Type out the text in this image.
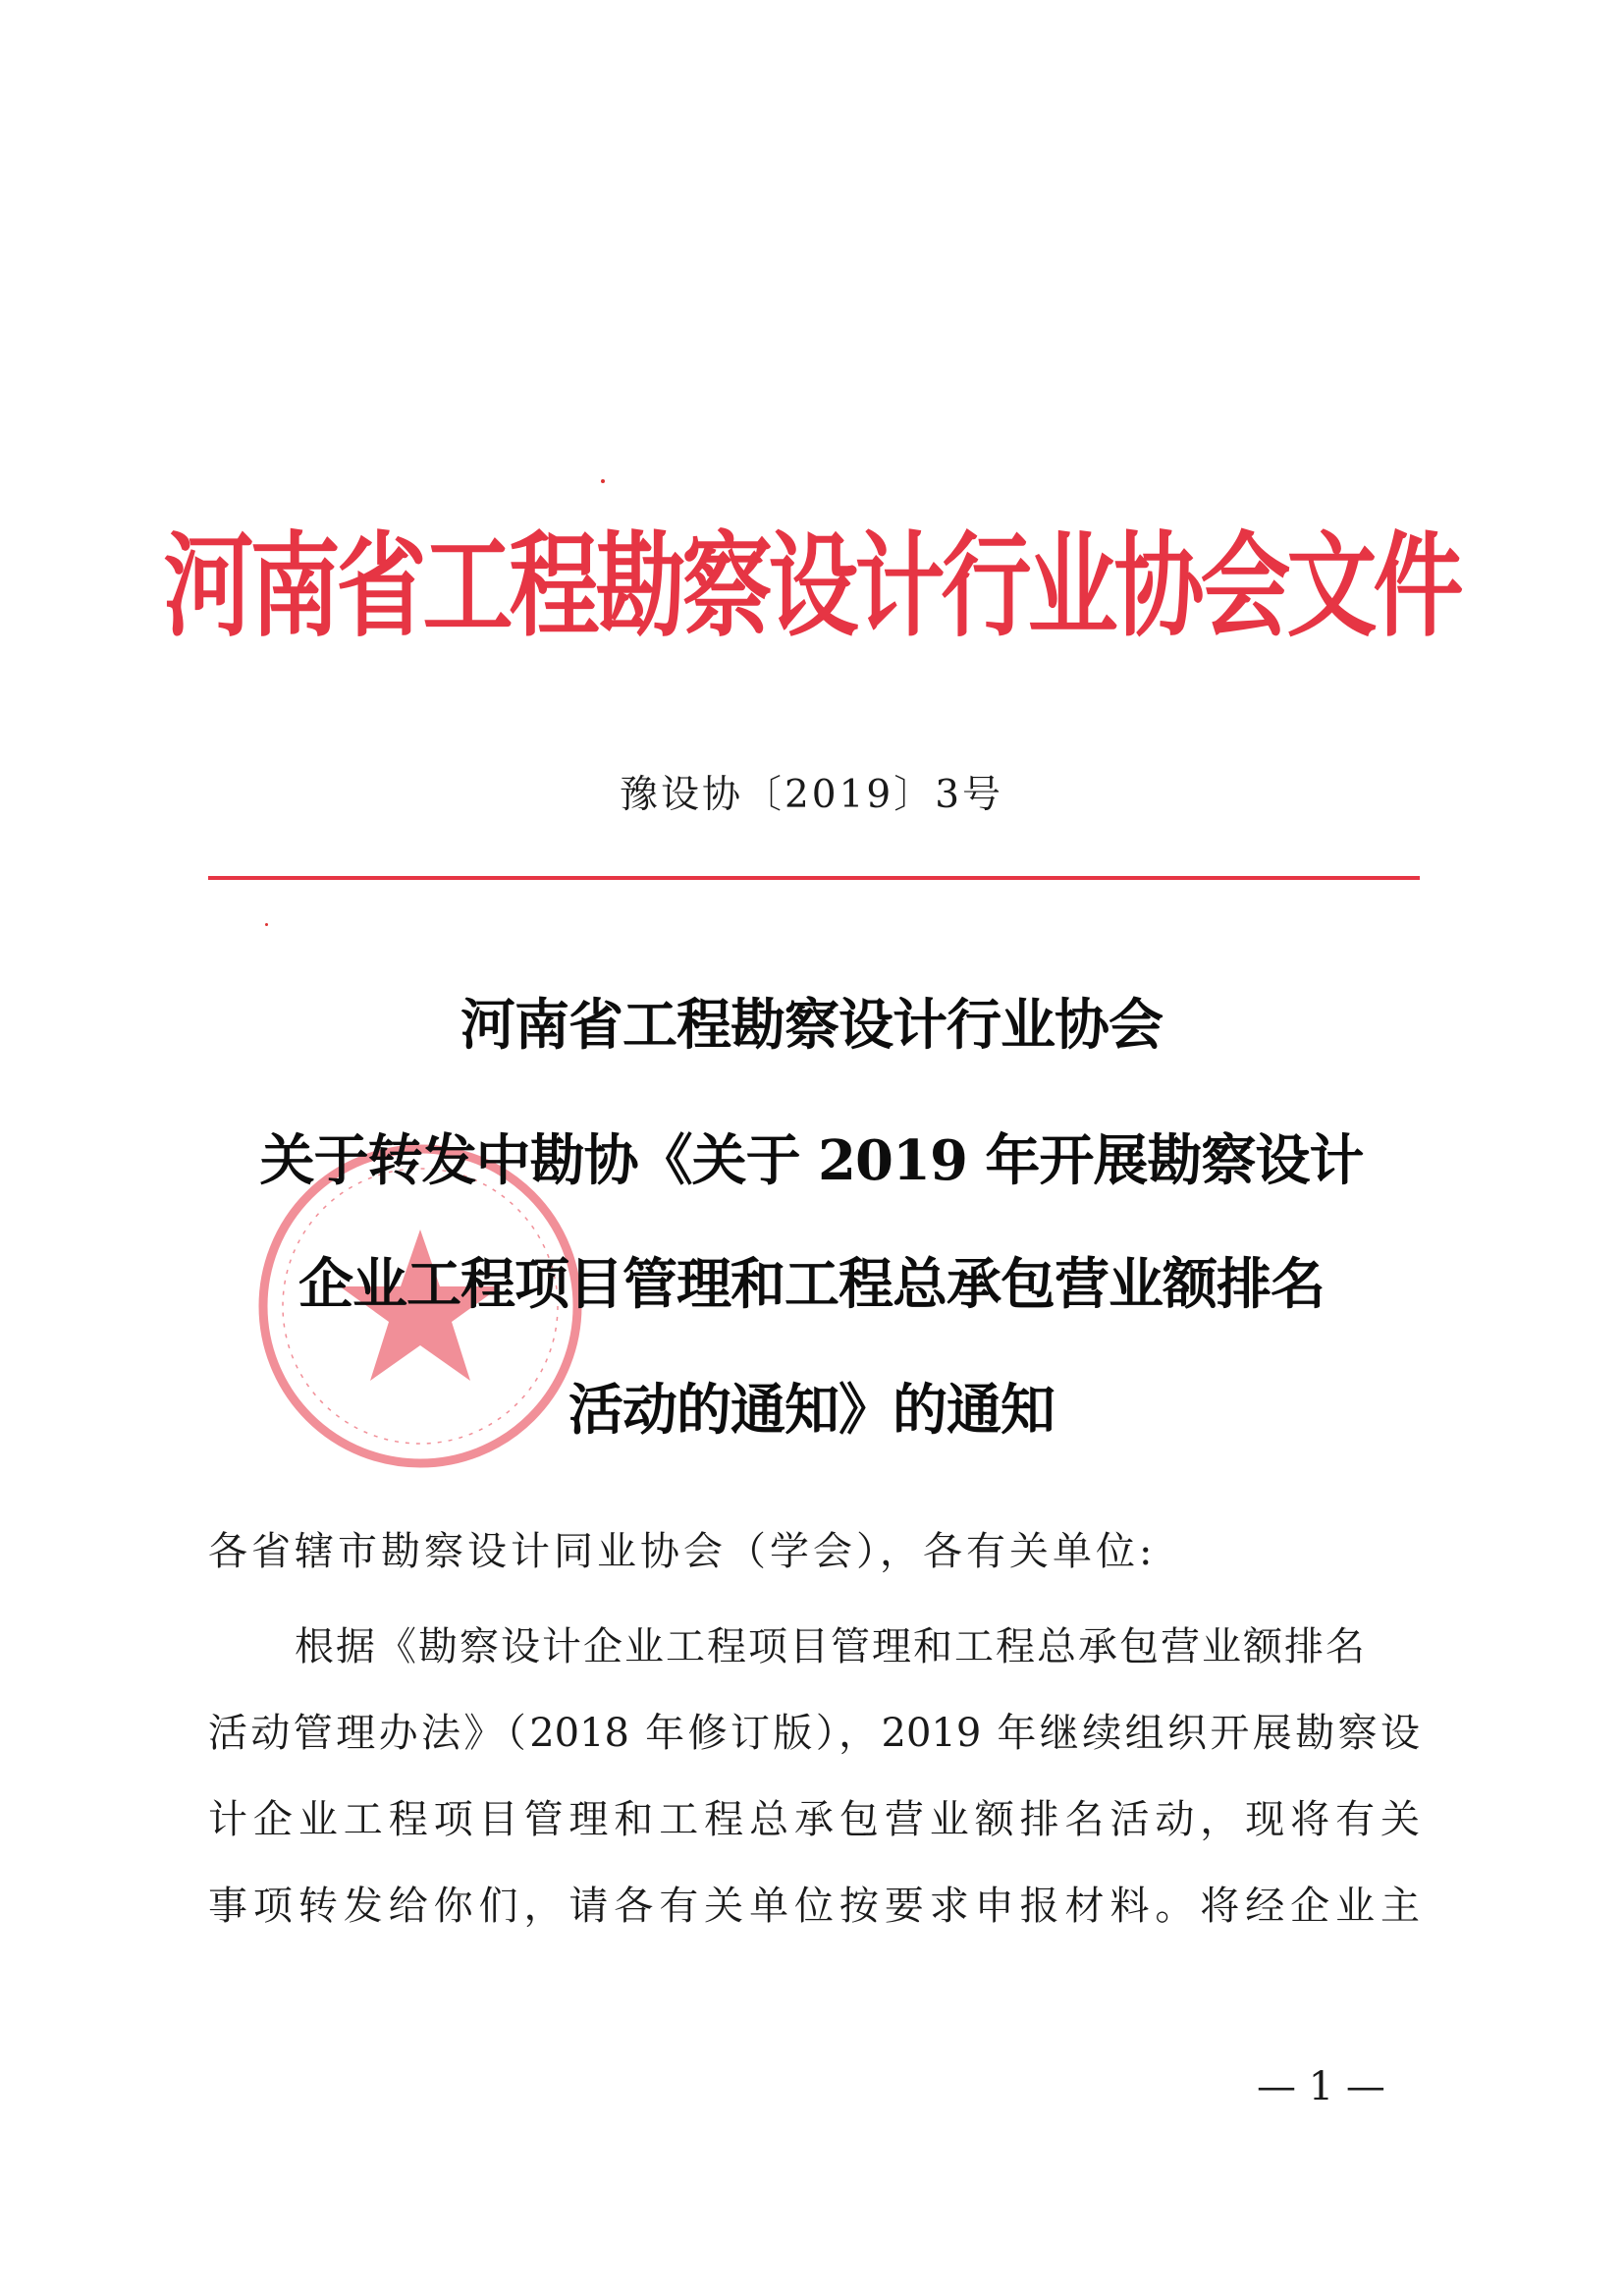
河南省工程勘察设计行业协会文件
豫设协〔2019〕3号
河南省工程勘察设计行业协会
关于转发中勘协《关于 2019 年开展勘察设计
企业工程项目管理和工程总承包营业额排名
活动的通知》的通知
各省辖市勘察设计同业协会（学会），各有关单位:
根据《勘察设计企业工程项目管理和工程总承包营业额排名
活动管理办法》（2018 年修订版），2019 年继续组织开展勘察设
计企业工程项目管理和工程总承包营业额排名活动，现将有关
事项转发给你们，请各有关单位按要求申报材料。将经企业主
— 1 —
